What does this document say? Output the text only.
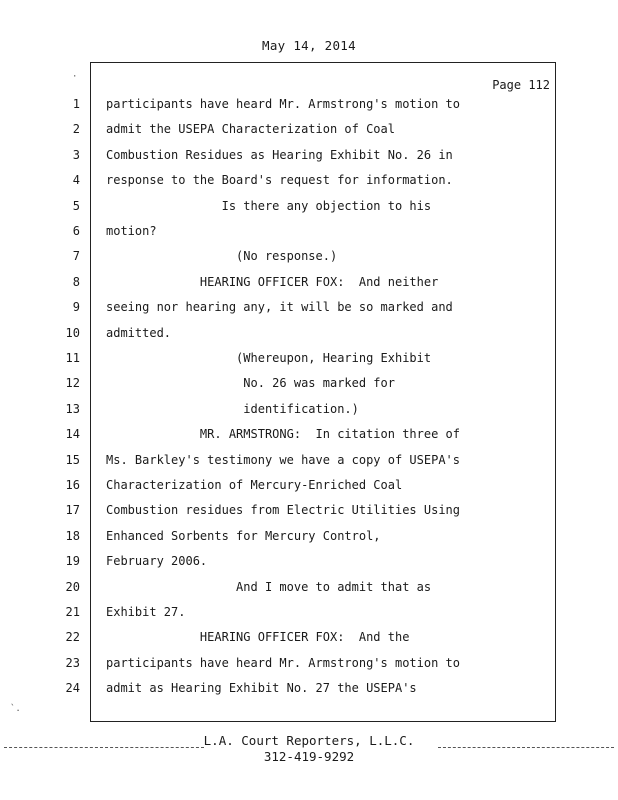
May 14, 2014
Page 112
1 participants have heard Mr. Armstrong's motion to
2 admit the USEPA Characterization of Coal
3 Combustion Residues as Hearing Exhibit No. 26 in
4 response to the Board's request for information.
5 Is there any objection to his
6 motion?
7 (No response.)
8 HEARING OFFICER FOX:  And neither
9 seeing nor hearing any, it will be so marked and
10 admitted.
11 (Whereupon, Hearing Exhibit
12 No. 26 was marked for
13 identification.)
14 MR. ARMSTRONG:  In citation three of
15 Ms. Barkley's testimony we have a copy of USEPA's
16 Characterization of Mercury-Enriched Coal
17 Combustion residues from Electric Utilities Using
18 Enhanced Sorbents for Mercury Control,
19 February 2006.
20 And I move to admit that as
21 Exhibit 27.
22 HEARING OFFICER FOX:  And the
23 participants have heard Mr. Armstrong's motion to
24 admit as Hearing Exhibit No. 27 the USEPA's
L.A. Court Reporters, L.L.C.
312-419-9292
·
`.
